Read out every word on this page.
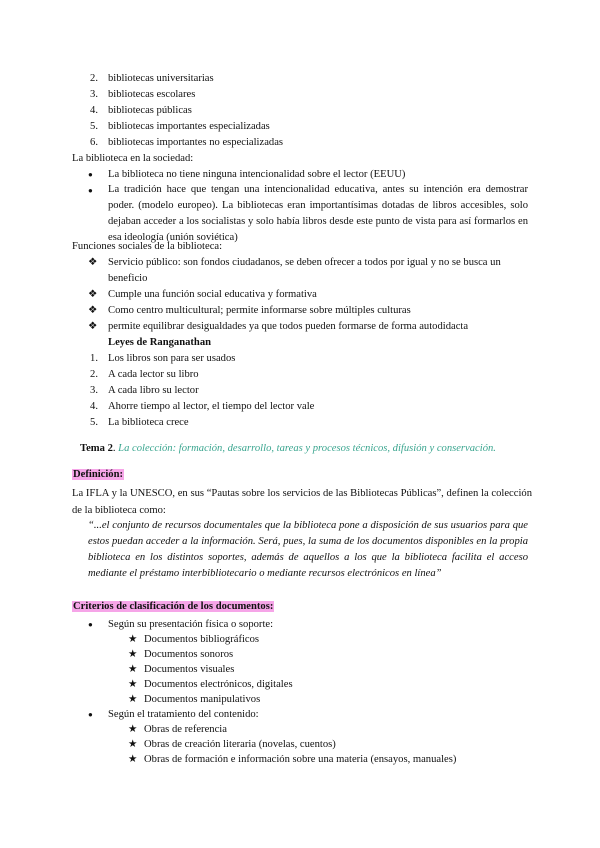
2. bibliotecas universitarias
3. bibliotecas escolares
4. bibliotecas públicas
5. bibliotecas importantes especializadas
6. bibliotecas importantes no especializadas
La biblioteca en la sociedad:
● La biblioteca no tiene ninguna intencionalidad sobre el lector (EEUU)
● La tradición hace que tengan una intencionalidad educativa, antes su intención era demostrar poder. (modelo europeo). La bibliotecas eran importantísimas dotadas de libros accesibles, solo dejaban acceder a los socialistas y solo había libros desde este punto de vista para así formarlos en esa ideología (unión soviética)
Funciones sociales de la biblioteca:
❖ Servicio público: son fondos ciudadanos, se deben ofrecer a todos por igual y no se busca un beneficio
❖ Cumple una función social educativa y formativa
❖ Como centro multicultural; permite informarse sobre múltiples culturas
❖ permite equilibrar desigualdades ya que todos pueden formarse de forma autodidacta
Leyes de Ranganathan
1. Los libros son para ser usados
2. A cada lector su libro
3. A cada libro su lector
4. Ahorre tiempo al lector, el tiempo del lector vale
5. La biblioteca crece
Tema 2. La colección: formación, desarrollo, tareas y procesos técnicos, difusión y conservación.
Definición:
La IFLA y la UNESCO, en sus “Pautas sobre los servicios de las Bibliotecas Públicas”, definen la colección de la biblioteca como:
“...el conjunto de recursos documentales que la biblioteca pone a disposición de sus usuarios para que estos puedan acceder a la información. Será, pues, la suma de los documentos disponibles en la propia biblioteca en los distintos soportes, además de aquellos a los que la biblioteca facilita el acceso mediante el préstamo interbibliotecario o mediante recursos electrónicos en línea”
Criterios de clasificación de los documentos:
● Según su presentación física o soporte:
★ Documentos bibliográficos
★ Documentos sonoros
★ Documentos visuales
★ Documentos electrónicos, digitales
★ Documentos manipulativos
● Según el tratamiento del contenido:
★ Obras de referencia
★ Obras de creación literaria (novelas, cuentos)
★ Obras de formación e información sobre una materia (ensayos, manuales)
